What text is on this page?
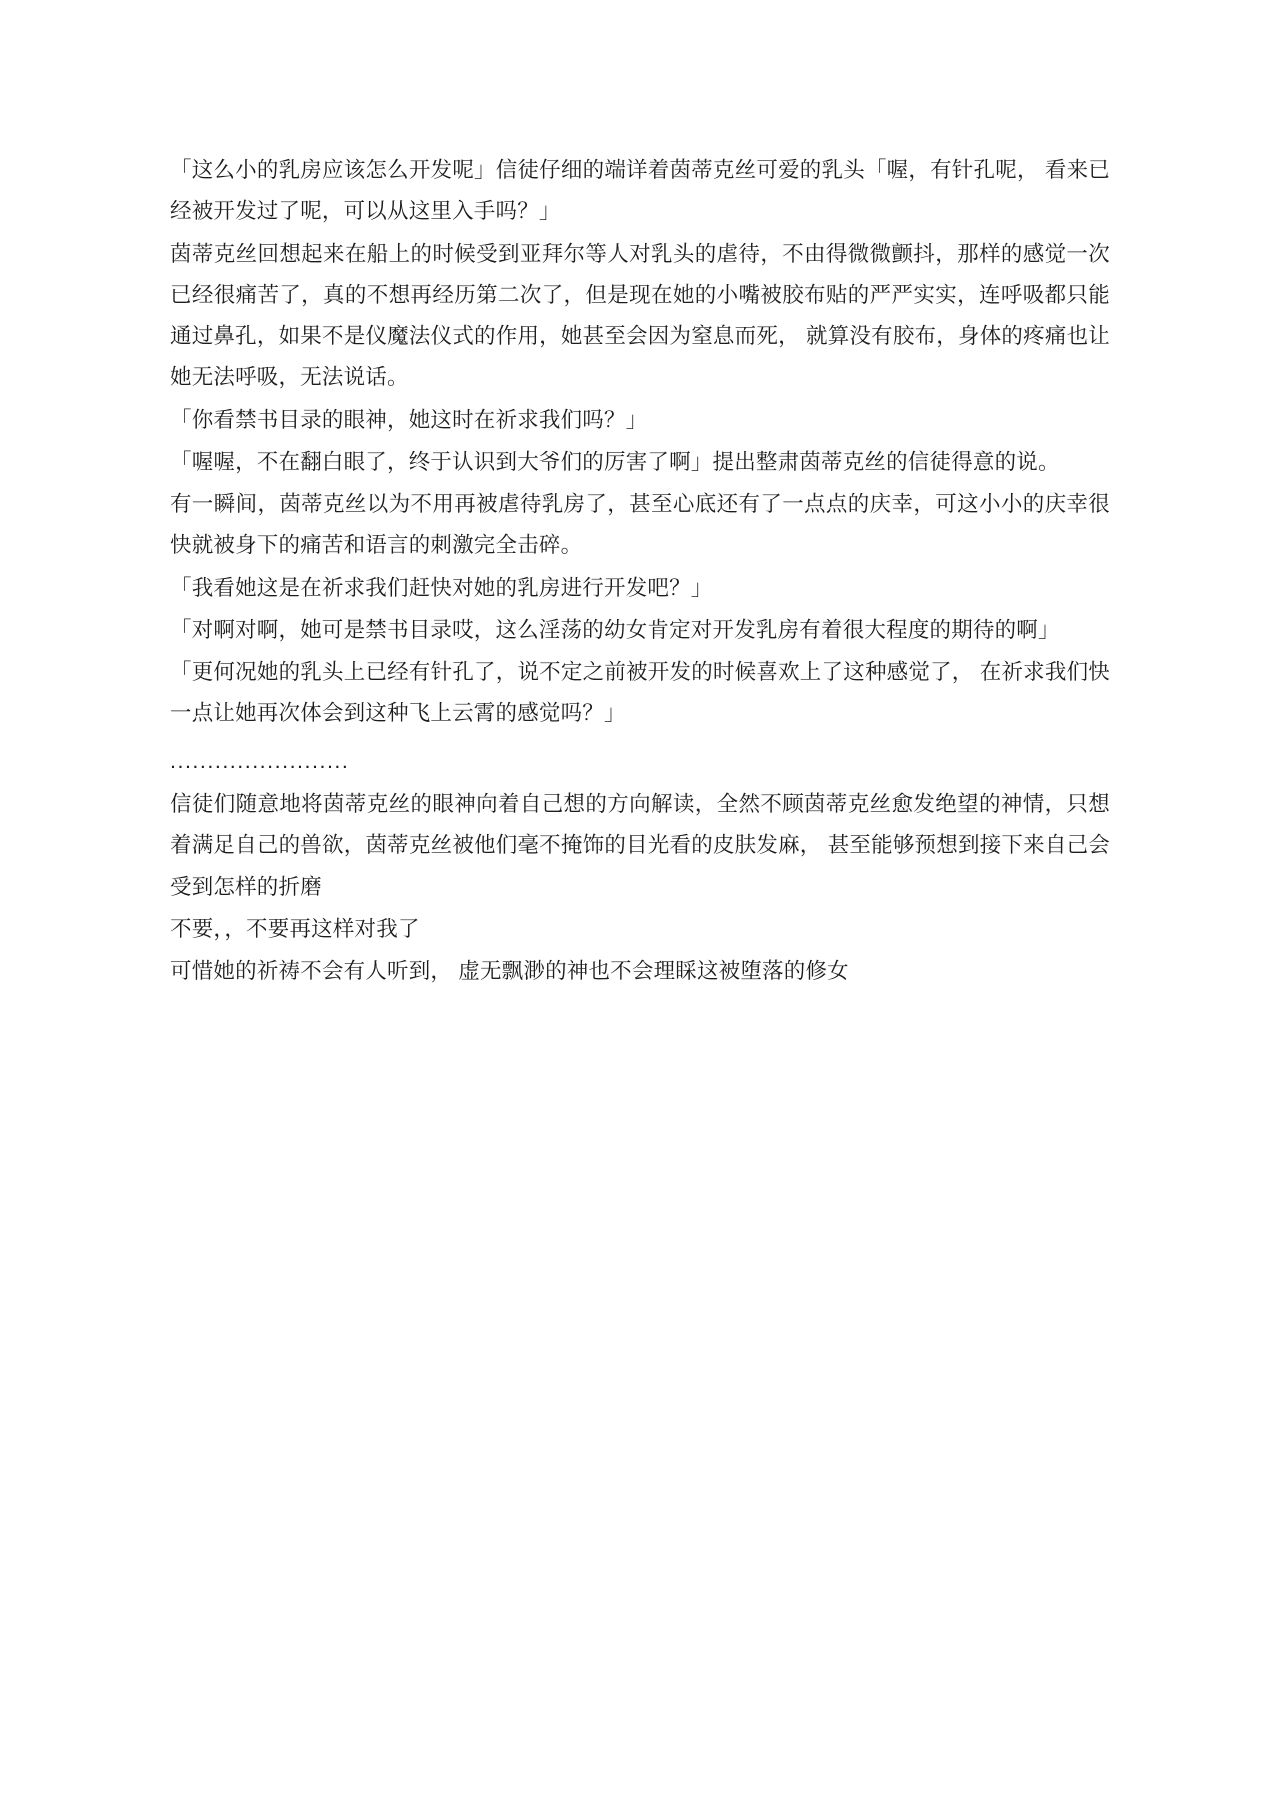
「这么小的乳房应该怎么开发呢」信徒仔细的端详着茵蒂克丝可爱的乳头「喔，有针孔呢， 看来已经被开发过了呢，可以从这里入手吗？」

茵蒂克丝回想起来在船上的时候受到亚拜尔等人对乳头的虐待，不由得微微颤抖，那样的感觉一次已经很痛苦了，真的不想再经历第二次了，但是现在她的小嘴被胶布贴的严严实实，连呼吸都只能通过鼻孔，如果不是仪魔法仪式的作用，她甚至会因为窒息而死， 就算没有胶布，身体的疼痛也让她无法呼吸，无法说话。

「你看禁书目录的眼神，她这时在祈求我们吗？」

「喔喔，不在翻白眼了，终于认识到大爷们的厉害了啊」提出整肃茵蒂克丝的信徒得意的说。

有一瞬间，茵蒂克丝以为不用再被虐待乳房了，甚至心底还有了一点点的庆幸，可这小小的庆幸很快就被身下的痛苦和语言的刺激完全击碎。

「我看她这是在祈求我们赶快对她的乳房进行开发吧？」

「对啊对啊，她可是禁书目录哎，这么淫荡的幼女肯定对开发乳房有着很大程度的期待的啊」

「更何况她的乳头上已经有针孔了，说不定之前被开发的时候喜欢上了这种感觉了， 在祈求我们快一点让她再次体会到这种飞上云霄的感觉吗？」

........................

信徒们随意地将茵蒂克丝的眼神向着自己想的方向解读，全然不顾茵蒂克丝愈发绝望的神情，只想着满足自己的兽欲，茵蒂克丝被他们毫不掩饰的目光看的皮肤发麻， 甚至能够预想到接下来自己会受到怎样的折磨

不要，，不要再这样对我了

可惜她的祈祷不会有人听到， 虚无飘渺的神也不会理睬这被堕落的修女
